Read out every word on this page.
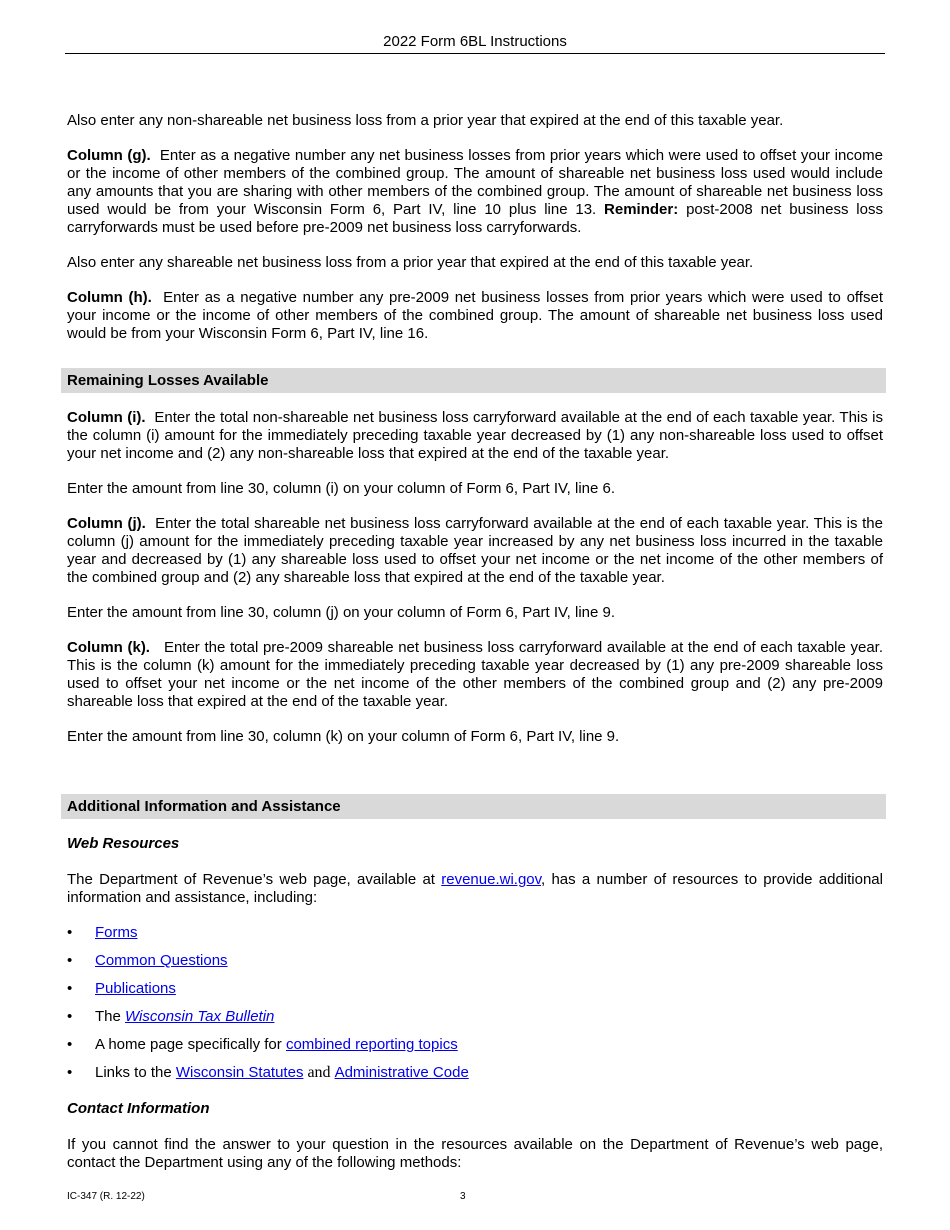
2022 Form 6BL Instructions

Also enter any non-shareable net business loss from a prior year that expired at the end of this taxable year.

Column (g). Enter as a negative number any net business losses from prior years which were used to offset your income or the income of other members of the combined group. The amount of shareable net business loss used would include any amounts that you are sharing with other members of the combined group. The amount of shareable net business loss used would be from your Wisconsin Form 6, Part IV, line 10 plus line 13. Reminder: post-2008 net business loss carryforwards must be used before pre-2009 net business loss carryforwards.

Also enter any shareable net business loss from a prior year that expired at the end of this taxable year.

Column (h). Enter as a negative number any pre-2009 net business losses from prior years which were used to offset your income or the income of other members of the combined group. The amount of shareable net business loss used would be from your Wisconsin Form 6, Part IV, line 16.

Remaining Losses Available

Column (i). Enter the total non-shareable net business loss carryforward available at the end of each taxable year. This is the column (i) amount for the immediately preceding taxable year decreased by (1) any non-shareable loss used to offset your net income and (2) any non-shareable loss that expired at the end of the taxable year.

Enter the amount from line 30, column (i) on your column of Form 6, Part IV, line 6.

Column (j). Enter the total shareable net business loss carryforward available at the end of each taxable year. This is the column (j) amount for the immediately preceding taxable year increased by any net business loss incurred in the taxable year and decreased by (1) any shareable loss used to offset your net income or the net income of the other members of the combined group and (2) any shareable loss that expired at the end of the taxable year.

Enter the amount from line 30, column (j) on your column of Form 6, Part IV, line 9.

Column (k). Enter the total pre-2009 shareable net business loss carryforward available at the end of each taxable year. This is the column (k) amount for the immediately preceding taxable year decreased by (1) any pre-2009 shareable loss used to offset your net income or the net income of the other members of the combined group and (2) any pre-2009 shareable loss that expired at the end of the taxable year.

Enter the amount from line 30, column (k) on your column of Form 6, Part IV, line 9.

Additional Information and Assistance
Web Resources

The Department of Revenue’s web page, available at revenue.wi.gov, has a number of resources to provide additional information and assistance, including:

• Forms
• Common Questions
• Publications
• The Wisconsin Tax Bulletin
• A home page specifically for combined reporting topics
• Links to the Wisconsin Statutes and Administrative Code
Contact Information

If you cannot find the answer to your question in the resources available on the Department of Revenue’s web page, contact the Department using any of the following methods:

IC-347 (R. 12-22)	3
